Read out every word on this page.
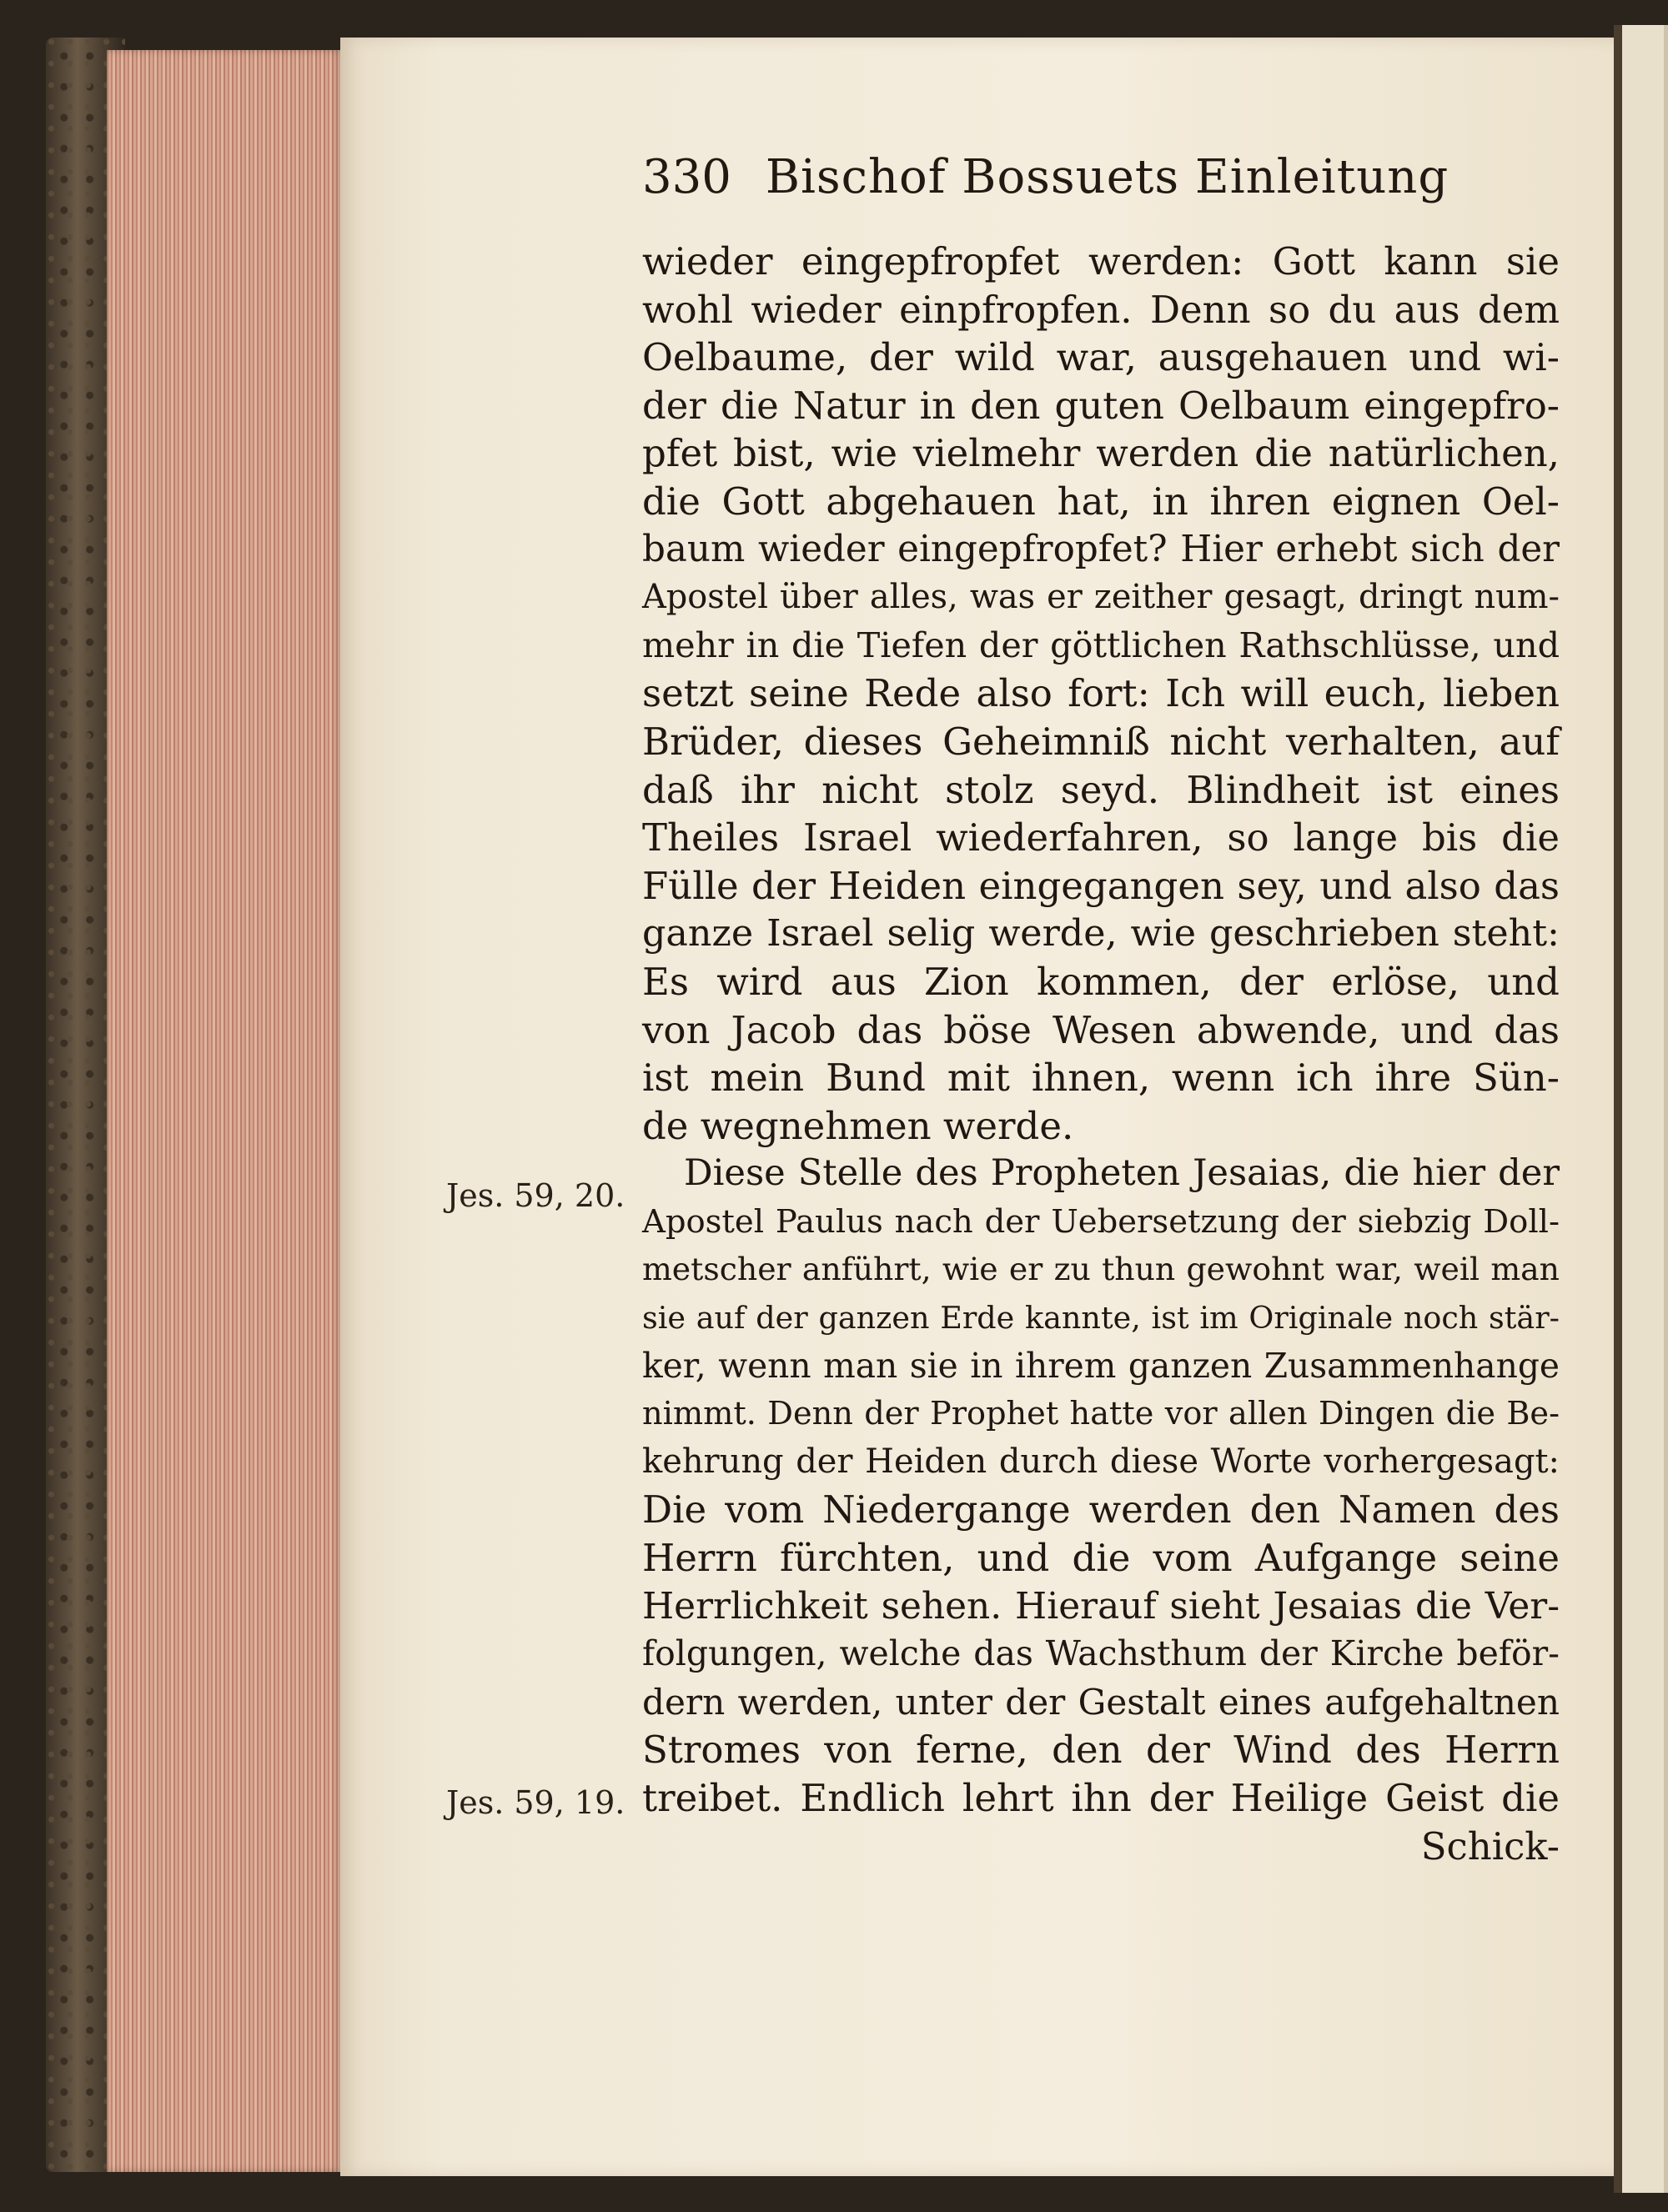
330 Bischof Bossuets Einleitung
Jes. 59, 20.
Jes. 59, 19.
wieder eingepfropfet werden: Gott kann sie
wohl wieder einpfropfen. Denn so du aus dem
Oelbaume, der wild war, ausgehauen und wi-
der die Natur in den guten Oelbaum eingepfro-
pfet bist, wie vielmehr werden die natürlichen,
die Gott abgehauen hat, in ihren eignen Oel-
baum wieder eingepfropfet? Hier erhebt sich der
Apostel über alles, was er zeither gesagt, dringt num-
mehr in die Tiefen der göttlichen Rathschlüsse, und
setzt seine Rede also fort: Ich will euch, lieben
Brüder, dieses Geheimniß nicht verhalten, auf
daß ihr nicht stolz seyd. Blindheit ist eines
Theiles Israel wiederfahren, so lange bis die
Fülle der Heiden eingegangen sey, und also das
ganze Israel selig werde, wie geschrieben steht:
Es wird aus Zion kommen, der erlöse, und
von Jacob das böse Wesen abwende, und das
ist mein Bund mit ihnen, wenn ich ihre Sün-
de wegnehmen werde.
Diese Stelle des Propheten Jesaias, die hier der
Apostel Paulus nach der Uebersetzung der siebzig Doll-
metscher anführt, wie er zu thun gewohnt war, weil man
sie auf der ganzen Erde kannte, ist im Originale noch stär-
ker, wenn man sie in ihrem ganzen Zusammenhange
nimmt. Denn der Prophet hatte vor allen Dingen die Be-
kehrung der Heiden durch diese Worte vorhergesagt:
Die vom Niedergange werden den Namen des
Herrn fürchten, und die vom Aufgange seine
Herrlichkeit sehen. Hierauf sieht Jesaias die Ver-
folgungen, welche das Wachsthum der Kirche beför-
dern werden, unter der Gestalt eines aufgehaltnen
Stromes von ferne, den der Wind des Herrn
treibet. Endlich lehrt ihn der Heilige Geist die
Schick-
